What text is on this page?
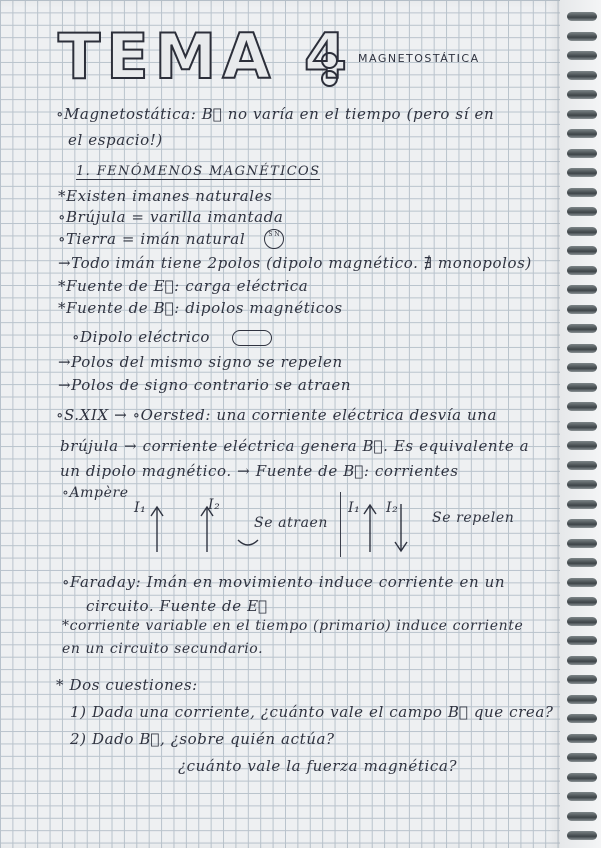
TEMA 4 MAGNETOSTÁTICA
∘Magnetostática: B⃗ no varía en el tiempo (pero sí en
el espacio!)
1. FENÓMENOS MAGNÉTICOS
*Existen imanes naturales
∘Brújula = varilla imantada
∘Tierra = imán natural	S N
→Todo imán tiene 2polos (dipolo magnético. ∄ monopolos)
*Fuente de E⃗: carga eléctrica
*Fuente de B⃗: dipolos magnéticos
∘Dipolo eléctrico
→Polos del mismo signo se repelen
→Polos de signo contrario se atraen
∘S.XIX → ∘Oersted: una corriente eléctrica desvía una
brújula → corriente eléctrica genera B⃗. Es equivalente a
un dipolo magnético. → Fuente de B⃗: corrientes
∘Ampère
I₁	I₂
Se atraen
I₁ I₂
Se repelen
∘Faraday: Imán en movimiento induce corriente en un
circuito. Fuente de E⃗
*corriente variable en el tiempo (primario) induce corriente
en un circuito secundario.
* Dos cuestiones:
1) Dada una corriente, ¿cuánto vale el campo B⃗ que crea?
2) Dado B⃗, ¿sobre quién actúa?
¿cuánto vale la fuerza magnética?
